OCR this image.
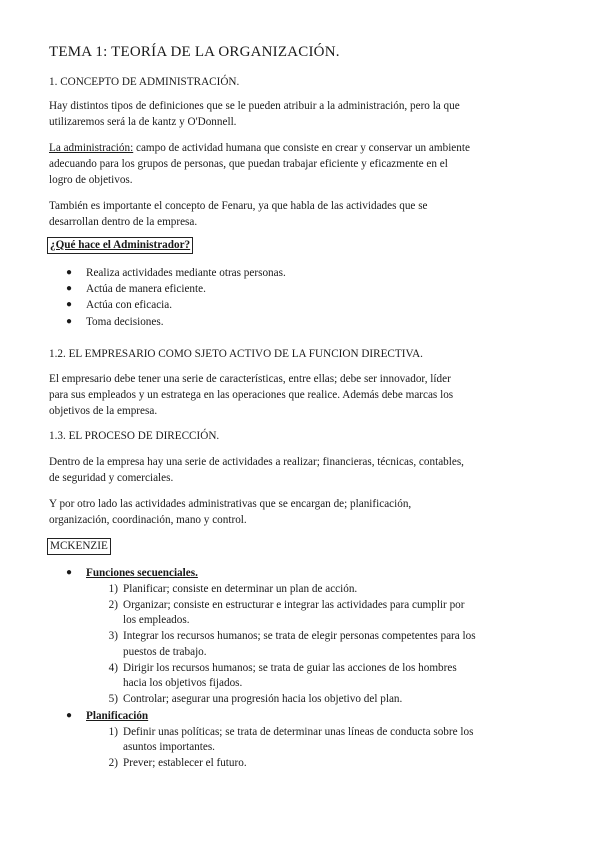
TEMA 1: TEORÍA DE LA ORGANIZACIÓN.
1. CONCEPTO DE ADMINISTRACIÓN.
Hay distintos tipos de definiciones que se le pueden atribuir a la administración, pero la que
utilizaremos será la de kantz y O'Donnell.
La administración: campo de actividad humana que consiste en crear y conservar un ambiente
adecuando para los grupos de personas, que puedan trabajar eficiente y eficazmente en el
logro de objetivos.
También es importante el concepto de Fenaru, ya que habla de las actividades que se
desarrollan dentro de la empresa.
¿Qué hace el Administrador?
● Realiza actividades mediante otras personas.
● Actúa de manera eficiente.
● Actúa con eficacia.
● Toma decisiones.
1.2. EL EMPRESARIO COMO SJETO ACTIVO DE LA FUNCION DIRECTIVA.
El empresario debe tener una serie de características, entre ellas; debe ser innovador, líder
para sus empleados y un estratega en las operaciones que realice. Además debe marcas los
objetivos de la empresa.
1.3. EL PROCESO DE DIRECCIÓN.
Dentro de la empresa hay una serie de actividades a realizar; financieras, técnicas, contables,
de seguridad y comerciales.
Y por otro lado las actividades administrativas que se encargan de; planificación,
organización, coordinación, mano y control.
MCKENZIE
● Funciones secuenciales.
1) Planificar; consiste en determinar un plan de acción.
2) Organizar; consiste en estructurar e integrar las actividades para cumplir por
los empleados.
3) Integrar los recursos humanos; se trata de elegir personas competentes para los
puestos de trabajo.
4) Dirigir los recursos humanos; se trata de guiar las acciones de los hombres
hacia los objetivos fijados.
5) Controlar; asegurar una progresión hacia los objetivo del plan.
● Planificación
1) Definir unas políticas; se trata de determinar unas líneas de conducta sobre los
asuntos importantes.
2) Prever; establecer el futuro.
